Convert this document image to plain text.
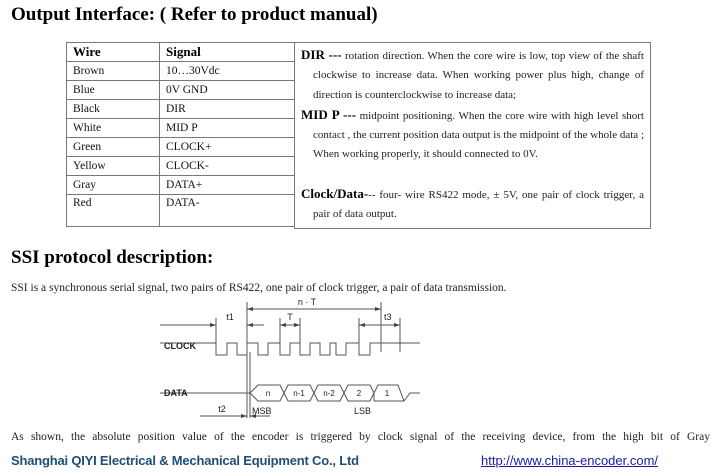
Output Interface: ( Refer to product manual)
Wire	Signal
Brown	10…30Vdc
Blue	0V GND
Black	DIR
White	MID P
Green	CLOCK+
Yellow	CLOCK-
Gray	DATA+
Red	DATA-

DIR --- rotation direction. When the core wire is low, top view of the shaft clockwise to increase data. When working power plus high, change of direction is counterclockwise to increase data;

MID P --- midpoint positioning. When the core wire with high level short contact , the current position data output is the midpoint of the whole data ; When working properly, it should connected to 0V.

Clock/Data--- four- wire RS422 mode, ± 5V, one pair of clock trigger, a pair of data output.

SSI protocol description:
SSI is a synchronous serial signal, two pairs of RS422, one pair of clock trigger, a pair of data transmission.
n · T
t1	T	t3
t2
CLOCK
DATA	n	n-1 n-2	2	1
MSB	LSB
As shown, the absolute position value of the encoder is triggered by clock signal of the receiving device, from the high bit of Gray
Shanghai QIYI Electrical & Mechanical Equipment Co., Ltd	http://www.china-encoder.com/
